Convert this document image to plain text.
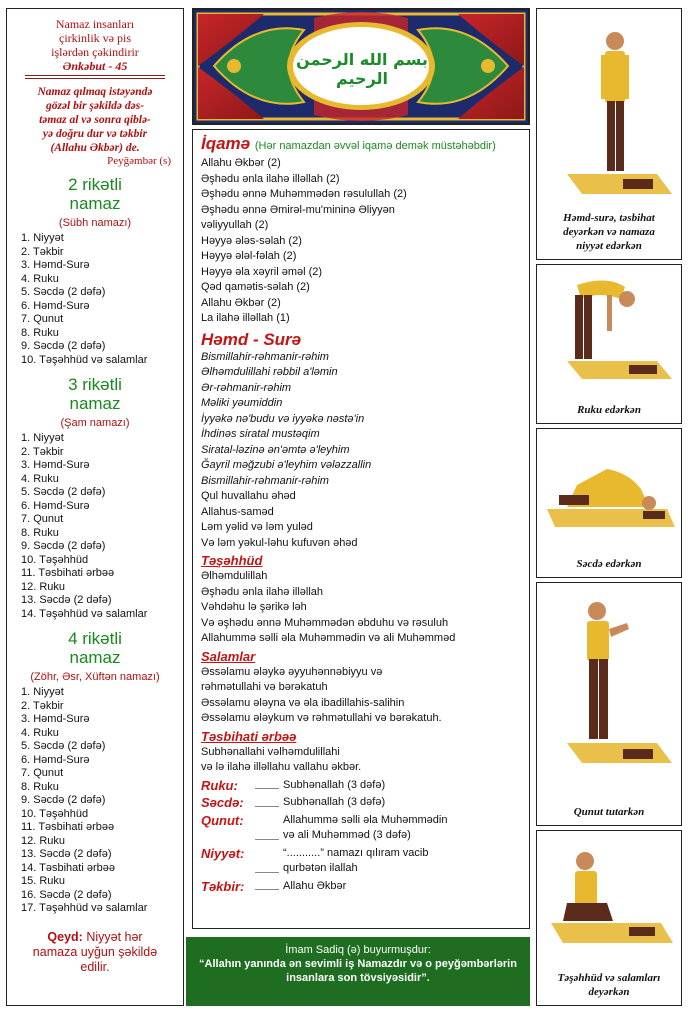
Namaz insanları
çirkinlik və pis
işlərdən çəkindirir
Ənkəbut - 45
Namaz qılmaq istəyəndə
gözəl bir şəkildə dəs-
təmaz al və sonra qiblə-
yə doğru dur və təkbir
(Allahu Əkbər) de.
Peyğəmbər (s)
2 rikətli
namaz
(Sübh namazı)
1. Niyyət
2. Təkbir
3. Həmd-Surə
4. Ruku
5. Səcdə (2 dəfə)
6. Həmd-Surə
7. Qunut
8. Ruku
9. Səcdə (2 dəfə)
10. Təşəhhüd və salamlar
3 rikətli
namaz
(Şam namazı)
1. Niyyət
2. Təkbir
3. Həmd-Surə
4. Ruku
5. Səcdə (2 dəfə)
6. Həmd-Surə
7. Qunut
8. Ruku
9. Səcdə (2 dəfə)
10. Təşəhhüd
11. Təsbihati ərbəə
12. Ruku
13. Səcdə (2 dəfə)
14. Təşəhhüd və salamlar
4 rikətli
namaz
(Zöhr, Əsr, Xüftən namazı)
1. Niyyət
2. Təkbir
3. Həmd-Surə
4. Ruku
5. Səcdə (2 dəfə)
6. Həmd-Surə
7. Qunut
8. Ruku
9. Səcdə (2 dəfə)
10. Təşəhhüd
11. Təsbihati ərbəə
12. Ruku
13. Səcdə (2 dəfə)
14. Təsbihati ərbəə
15. Ruku
16. Səcdə (2 dəfə)
17. Təşəhhüd və salamlar
Qeyd: Niyyət hər
namaza uyğun şəkildə
edilir.
بسم الله الرحمن الرحيم
İqamə (Hər namazdan əvvəl iqamə demək müstəhəbdir)
Allahu Əkbər (2)
Əşhədu ənla ilahə illəllah (2)
Əşhədu ənnə Muhəmmədən rəsulullah (2)
Əşhədu ənnə Əmirəl-mu'mininə Əliyyən
vəliyyullah (2)
Həyyə ələs-səlah (2)
Həyyə ələl-fəlah (2)
Həyyə əla xəyril əməl (2)
Qəd qamətis-səlah (2)
Allahu Əkbər (2)
La ilahə illəllah (1)
Həmd - Surə
Bismillahir-rəhmanir-rəhim
Əlhəmdulillahi rəbbil a'ləmin
Ər-rəhmanir-rəhim
Məliki yəumiddin
İyyəkə nə'budu və iyyəkə nəstə'in
İhdinəs siratal mustəqim
Siratal-ləzinə ən'əmtə ə'leyhim
Ğayril məğzubi ə'leyhim vələzzallin
Bismillahir-rəhmanir-rəhim
Qul huvallahu əhəd
Allahus-saməd
Ləm yəlid və ləm yuləd
Və ləm yəkul-ləhu kufuvən əhəd
Təşəhhüd
Əlhəmdulillah
Əşhədu ənla ilahə illəllah
Vəhdəhu lə şərikə ləh
Və əşhədu ənnə Muhəmmədən əbduhu və rəsuluh
Allahummə səlli əla Muhəmmədin və ali Muhəmməd
Salamlar
Əssəlamu ələykə əyyuhənnəbiyyu və
rəhmətullahi və bərəkatuh
Əssəlamu ələyna və əla ibadillahis-salihin
Əssəlamu ələykum və rəhmətullahi və bərəkatuh.
Təsbihati ərbəə
Subhənallahi vəlhəmdulillahi
və lə ilahə illəllahu vallahu əkbər.
Ruku:	Subhənallah (3 dəfə)
Səcdə:	Subhənallah (3 dəfə)
Qunut:	Allahummə səlli əla Muhəmmədin
və ali Muhəmməd (3 dəfə)
Niyyət:	“...........” namazı qılıram vacib
qurbətən ilallah
Təkbir:	Allahu Əkbər
İmam Sadiq (ə) buyurmuşdur:
“Allahın yanında ən sevimli iş Namazdır və o peyğəmbərlərin
insanlara son tövsiyəsidir”.
Həmd-surə, təsbihat
deyərkən və namaza
niyyət edərkən
Ruku edərkən
Səcdə edərkən
Qunut tutarkən
Təşəhhüd və salamları
deyərkən
